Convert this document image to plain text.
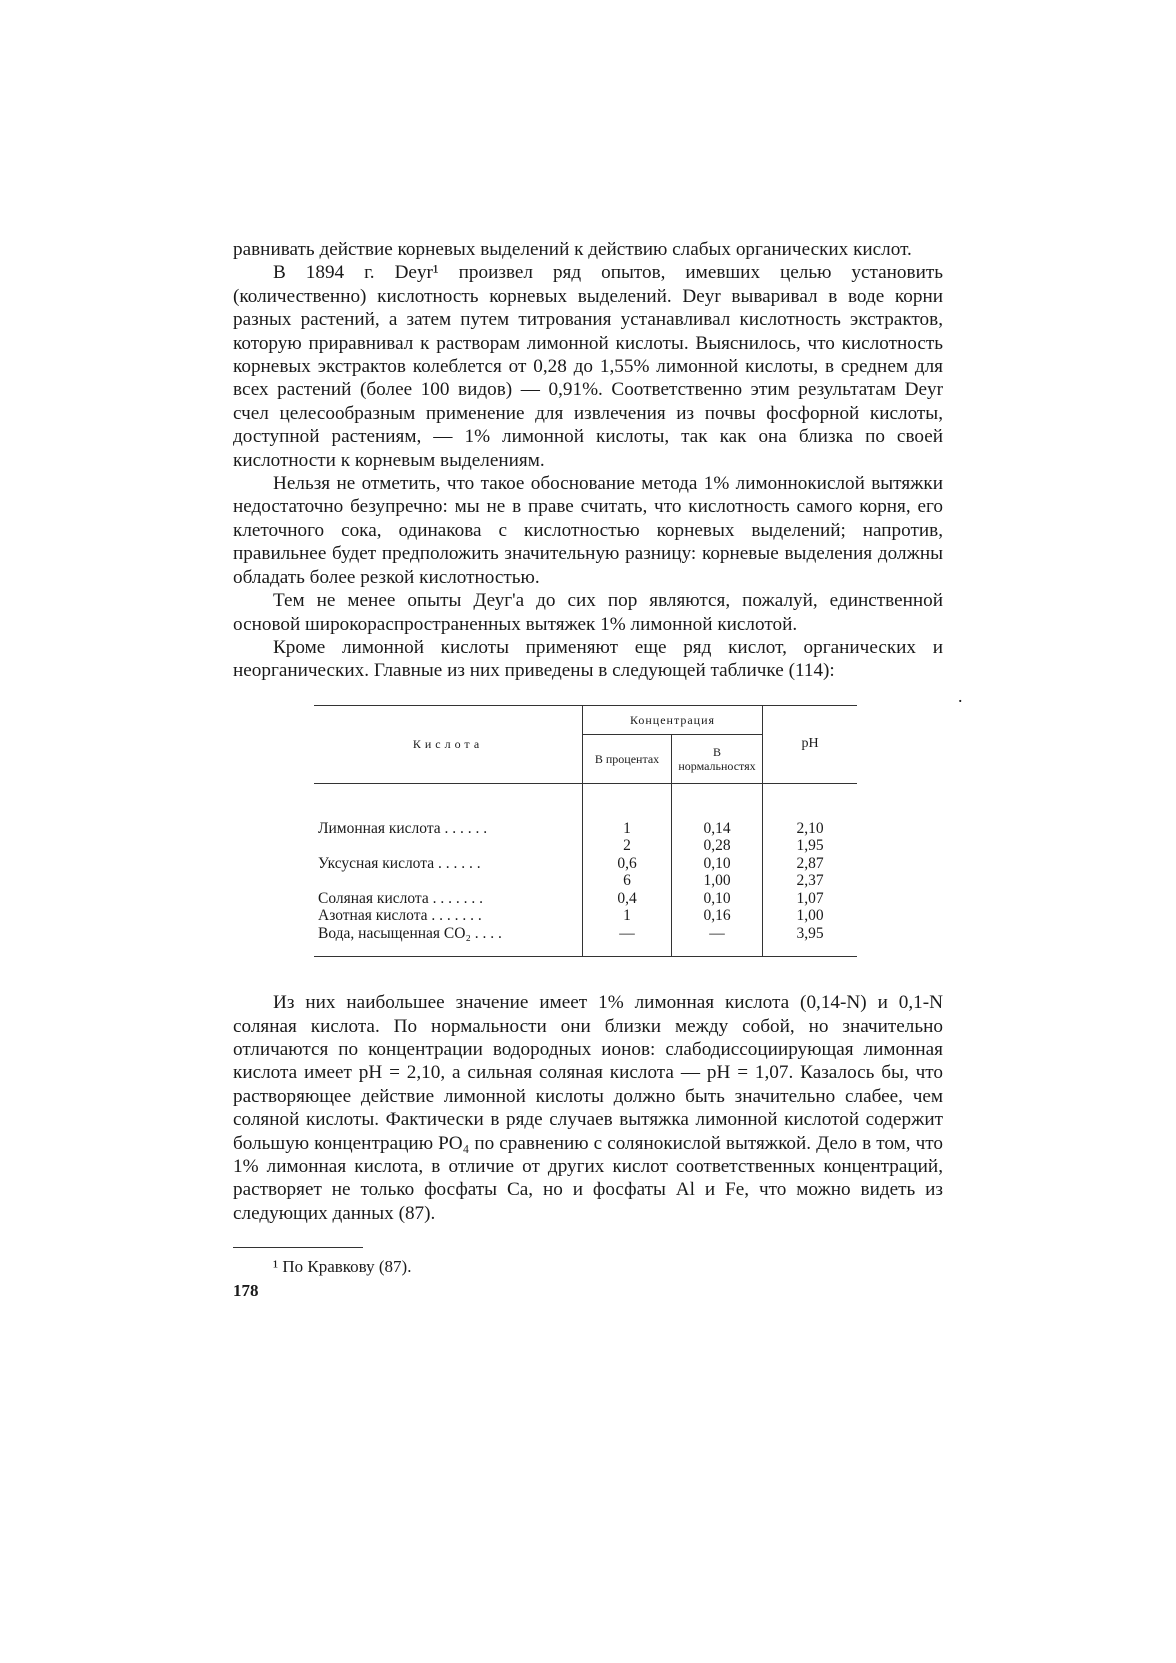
равнивать действие корневых выделений к действию слабых органических кислот.

В 1894 г. Deyr¹ произвел ряд опытов, имевших целью установить (количественно) кислотность корневых выделений. Deyr вываривал в воде корни разных растений, а затем путем титрования устанавливал кислотность экстрактов, которую приравнивал к растворам лимонной кислоты. Выяснилось, что кислотность корневых экстрактов колеблется от 0,28 до 1,55% лимонной кислоты, в среднем для всех растений (более 100 видов) — 0,91%. Соответственно этим результатам Deyr счел целесообразным применение для извлечения из почвы фосфорной кислоты, доступной растениям, — 1% лимонной кислоты, так как она близка по своей кислотности к корневым выделениям.

Нельзя не отметить, что такое обоснование метода 1% лимоннокислой вытяжки недостаточно безупречно: мы не в праве считать, что кислотность самого корня, его клеточного сока, одинакова с кислотностью корневых выделений; напротив, правильнее будет предположить значительную разницу: корневые выделения должны обладать более резкой кислотностью.

Тем не менее опыты Деуг'а до сих пор являются, пожалуй, единственной основой широкораспространенных вытяжек 1% лимонной кислотой.

Кроме лимонной кислоты применяют еще ряд кислот, органических и неорганических. Главные из них приведены в следующей табличке (114):

Кислота	Концентрация		pH
	В процентах	В нормальностях	

Лимонная кислота . . . . . .	1	0,14	2,10
	2	0,28	1,95
Уксусная кислота . . . . . .	0,6	0,10	2,87
	6	1,00	2,37
Соляная кислота . . . . . . .	0,4	0,10	1,07
Азотная кислота . . . . . . .	1	0,16	1,00
Вода, насыщенная CO₂ . . . .	—	—	3,95

Из них наибольшее значение имеет 1% лимонная кислота (0,14-N) и 0,1-N соляная кислота. По нормальности они близки между собой, но значительно отличаются по концентрации водородных ионов: слабодиссоциирующая лимонная кислота имеет pH = 2,10, а сильная соляная кислота — pH = 1,07. Казалось бы, что растворяющее действие лимонной кислоты должно быть значительно слабее, чем соляной кислоты. Фактически в ряде случаев вытяжка лимонной кислотой содержит большую концентрацию PO₄ по сравнению с солянокислой вытяжкой. Дело в том, что 1% лимонная кислота, в отличие от других кислот соответственных концентраций, растворяет не только фосфаты Ca, но и фосфаты Al и Fe, что можно видеть из следующих данных (87).

¹ По Кравкову (87).

178
.
